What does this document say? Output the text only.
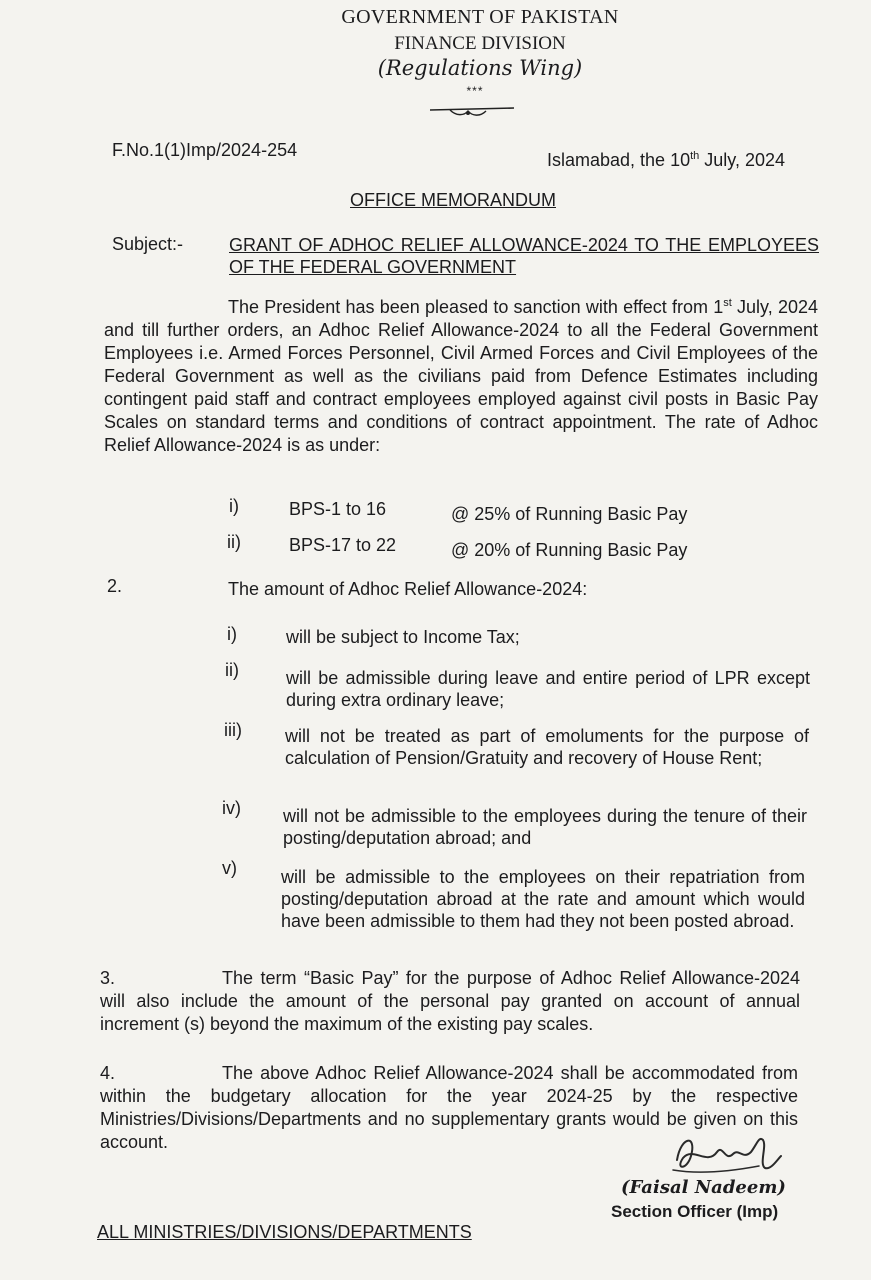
GOVERNMENT OF PAKISTAN
FINANCE DIVISION
(Regulations Wing)
***
F.No.1(1)Imp/2024-254	Islamabad, the 10th July, 2024
OFFICE MEMORANDUM
Subject:-	GRANT OF ADHOC RELIEF ALLOWANCE-2024 TO THE EMPLOYEES OF THE FEDERAL GOVERNMENT
The President has been pleased to sanction with effect from 1st July, 2024 and till further orders, an Adhoc Relief Allowance-2024 to all the Federal Government Employees i.e. Armed Forces Personnel, Civil Armed Forces and Civil Employees of the Federal Government as well as the civilians paid from Defence Estimates including contingent paid staff and contract employees employed against civil posts in Basic Pay Scales on standard terms and conditions of contract appointment. The rate of Adhoc Relief Allowance-2024 is as under:
i)	BPS-1 to 16	@ 25% of Running Basic Pay
ii)	BPS-17 to 22	@ 20% of Running Basic Pay
2.	The amount of Adhoc Relief Allowance-2024:
i)	will be subject to Income Tax;
ii)	will be admissible during leave and entire period of LPR except during extra ordinary leave;
iii) will not be treated as part of emoluments for the purpose of calculation of Pension/Gratuity and recovery of House Rent;
iv) will not be admissible to the employees during the tenure of their posting/deputation abroad; and
v) will be admissible to the employees on their repatriation from posting/deputation abroad at the rate and amount which would have been admissible to them had they not been posted abroad.
3.	The term “Basic Pay” for the purpose of Adhoc Relief Allowance-2024 will also include the amount of the personal pay granted on account of annual increment (s) beyond the maximum of the existing pay scales.
4.	The above Adhoc Relief Allowance-2024 shall be accommodated from within the budgetary allocation for the year 2024-25 by the respective Ministries/Divisions/Departments and no supplementary grants would be given on this account.
(Faisal Nadeem)
Section Officer (Imp)
ALL MINISTRIES/DIVISIONS/DEPARTMENTS
